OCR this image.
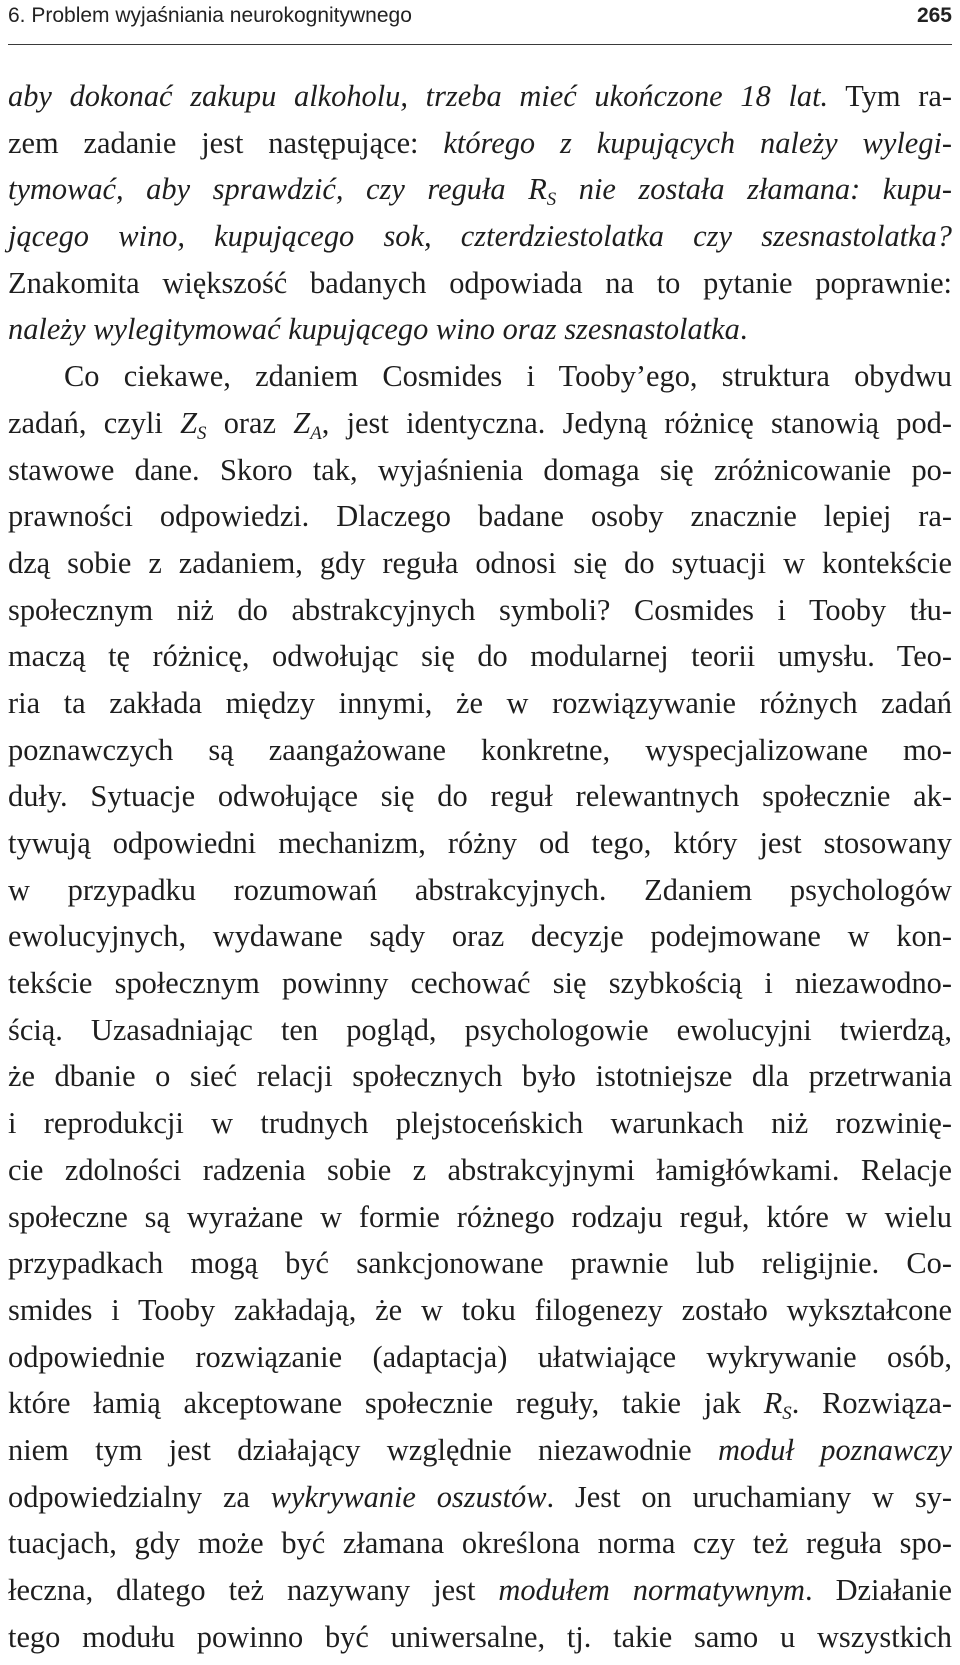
6. Problem wyjaśniania neurokognitywnego	265
aby dokonać zakupu alkoholu, trzeba mieć ukończone 18 lat. Tym ra-
zem zadanie jest następujące: którego z kupujących należy wylegi-
tymować, aby sprawdzić, czy reguła $R_S$ nie została złamana: kupu-
jącego wino, kupującego sok, czterdziestolatka czy szesnastolatka?
Znakomita większość badanych odpowiada na to pytanie poprawnie:
należy wylegitymować kupującego wino oraz szesnastolatka.
Co ciekawe, zdaniem Cosmides i Tooby’ego, struktura obydwu
zadań, czyli $Z_S$ oraz $Z_A$, jest identyczna. Jedyną różnicę stanowią pod-
stawowe dane. Skoro tak, wyjaśnienia domaga się zróżnicowanie po-
prawności odpowiedzi. Dlaczego badane osoby znacznie lepiej ra-
dzą sobie z zadaniem, gdy reguła odnosi się do sytuacji w kontekście
społecznym niż do abstrakcyjnych symboli? Cosmides i Tooby tłu-
maczą tę różnicę, odwołując się do modularnej teorii umysłu. Teo-
ria ta zakłada między innymi, że w rozwiązywanie różnych zadań
poznawczych są zaangażowane konkretne, wyspecjalizowane mo-
duły. Sytuacje odwołujące się do reguł relewantnych społecznie ak-
tywują odpowiedni mechanizm, różny od tego, który jest stosowany
w przypadku rozumowań abstrakcyjnych. Zdaniem psychologów
ewolucyjnych, wydawane sądy oraz decyzje podejmowane w kon-
tekście społecznym powinny cechować się szybkością i niezawodno-
ścią. Uzasadniając ten pogląd, psychologowie ewolucyjni twierdzą,
że dbanie o sieć relacji społecznych było istotniejsze dla przetrwania
i reprodukcji w trudnych plejstoceńskich warunkach niż rozwinię-
cie zdolności radzenia sobie z abstrakcyjnymi łamigłówkami. Relacje
społeczne są wyrażane w formie różnego rodzaju reguł, które w wielu
przypadkach mogą być sankcjonowane prawnie lub religijnie. Co-
smides i Tooby zakładają, że w toku filogenezy zostało wykształcone
odpowiednie rozwiązanie (adaptacja) ułatwiające wykrywanie osób,
które łamią akceptowane społecznie reguły, takie jak $R_S$. Rozwiąza-
niem tym jest działający względnie niezawodnie moduł poznawczy
odpowiedzialny za wykrywanie oszustów. Jest on uruchamiany w sy-
tuacjach, gdy może być złamana określona norma czy też reguła spo-
łeczna, dlatego też nazywany jest modułem normatywnym. Działanie
tego modułu powinno być uniwersalne, tj. takie samo u wszystkich
